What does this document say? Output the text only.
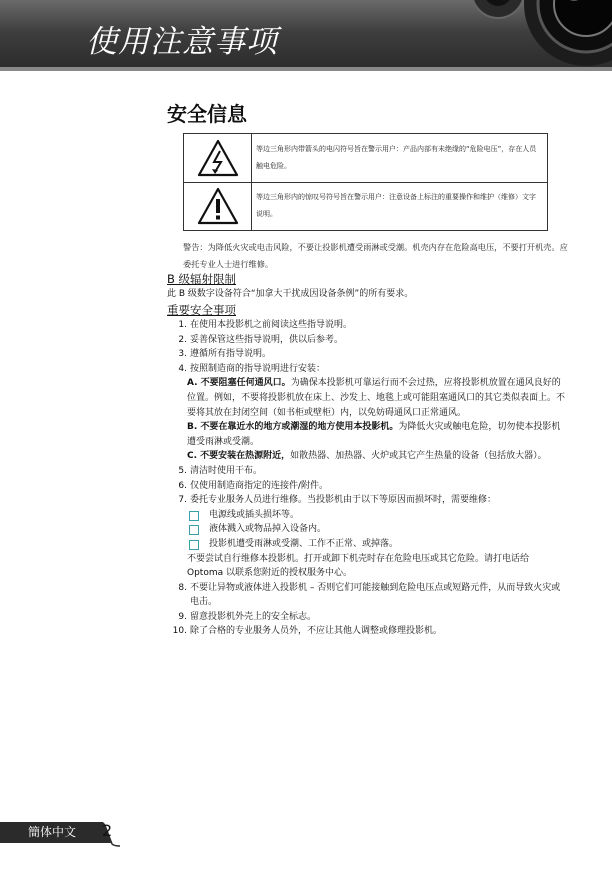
使用注意事项
安全信息
等边三角形内带箭头的电闪符号旨在警示用户：产品内部有未绝缘的“危险电压”，存在人员触电危险。
等边三角形内的惊叹号符号旨在警示用户：注意设备上标注的重要操作和维护（维修）文字说明。
警告：为降低火灾或电击风险，不要让投影机遭受雨淋或受潮。机壳内存在危险高电压，不要打开机壳。应委托专业人士进行维修。
B 级辐射限制
此 B 级数字设备符合“加拿大干扰成因设备条例”的所有要求。
重要安全事项
1. 在使用本投影机之前阅读这些指导说明。
2. 妥善保管这些指导说明，供以后参考。
3. 遵循所有指导说明。
4. 按照制造商的指导说明进行安装：
A. 不要阻塞任何通风口。为确保本投影机可靠运行而不会过热，应将投影机放置在通风良好的位置。例如，不要将投影机放在床上、沙发上、地毯上或可能阻塞通风口的其它类似表面上。不要将其放在封闭空间（如书柜或壁柜）内，以免妨碍通风口正常通风。
B. 不要在靠近水的地方或潮湿的地方使用本投影机。为降低火灾或触电危险，切勿使本投影机遭受雨淋或受潮。
C. 不要安装在热源附近，如散热器、加热器、火炉或其它产生热量的设备（包括放大器）。
5. 清洁时使用干布。
6. 仅使用制造商指定的连接件/附件。
7. 委托专业服务人员进行维修。当投影机由于以下等原因而损坏时，需要维修：
电源线或插头损坏等。
液体溅入或物品掉入设备内。
投影机遭受雨淋或受潮、工作不正常、或掉落。
不要尝试自行维修本投影机。打开或卸下机壳时存在危险电压或其它危险。请打电话给 Optoma 以联系您附近的授权服务中心。
8. 不要让异物或液体进入投影机 – 否则它们可能接触到危险电压点或短路元件，从而导致火灾或电击。
9. 留意投影机外壳上的安全标志。
10. 除了合格的专业服务人员外，不应让其他人调整或修理投影机。
簡体中文 2
